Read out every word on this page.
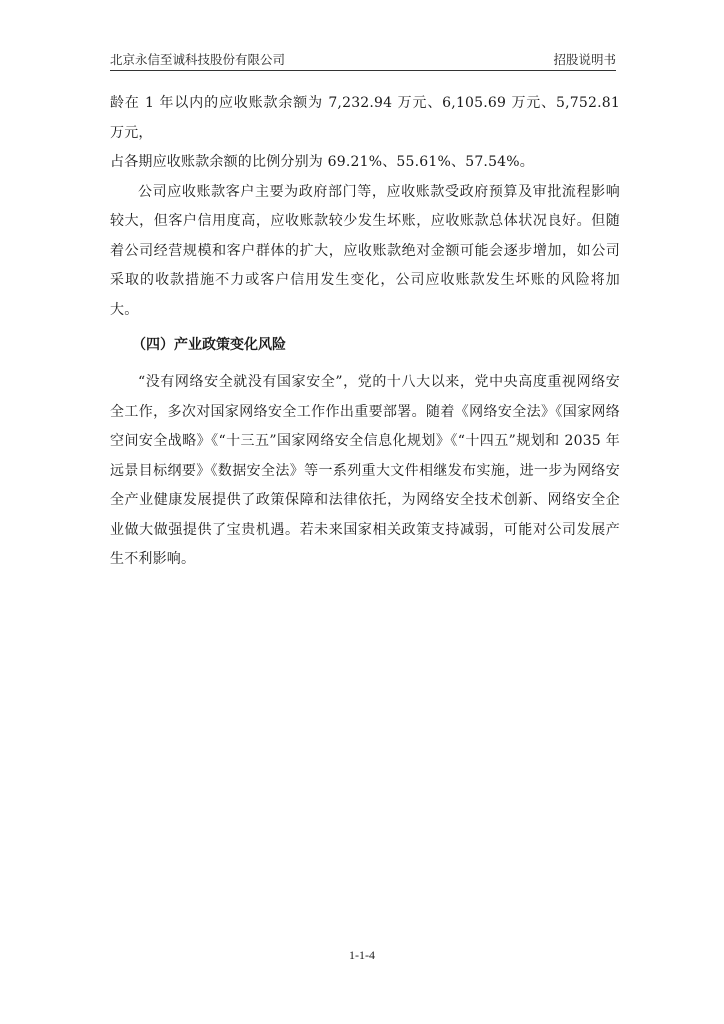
北京永信至诚科技股份有限公司	招股说明书

龄在 1 年以内的应收账款余额为 7,232.94 万元、6,105.69 万元、5,752.81 万元，

占各期应收账款余额的比例分别为 69.21%、55.61%、57.54%。

公司应收账款客户主要为政府部门等，应收账款受政府预算及审批流程影响较大，但客户信用度高，应收账款较少发生坏账，应收账款总体状况良好。但随着公司经营规模和客户群体的扩大，应收账款绝对金额可能会逐步增加，如公司采取的收款措施不力或客户信用发生变化，公司应收账款发生坏账的风险将加大。

（四）产业政策变化风险

“没有网络安全就没有国家安全”，党的十八大以来，党中央高度重视网络安全工作，多次对国家网络安全工作作出重要部署。随着《网络安全法》《国家网络空间安全战略》《“十三五”国家网络安全信息化规划》《“十四五”规划和 2035 年远景目标纲要》《数据安全法》等一系列重大文件相继发布实施，进一步为网络安全产业健康发展提供了政策保障和法律依托，为网络安全技术创新、网络安全企业做大做强提供了宝贵机遇。若未来国家相关政策支持减弱，可能对公司发展产生不利影响。

1-1-4
